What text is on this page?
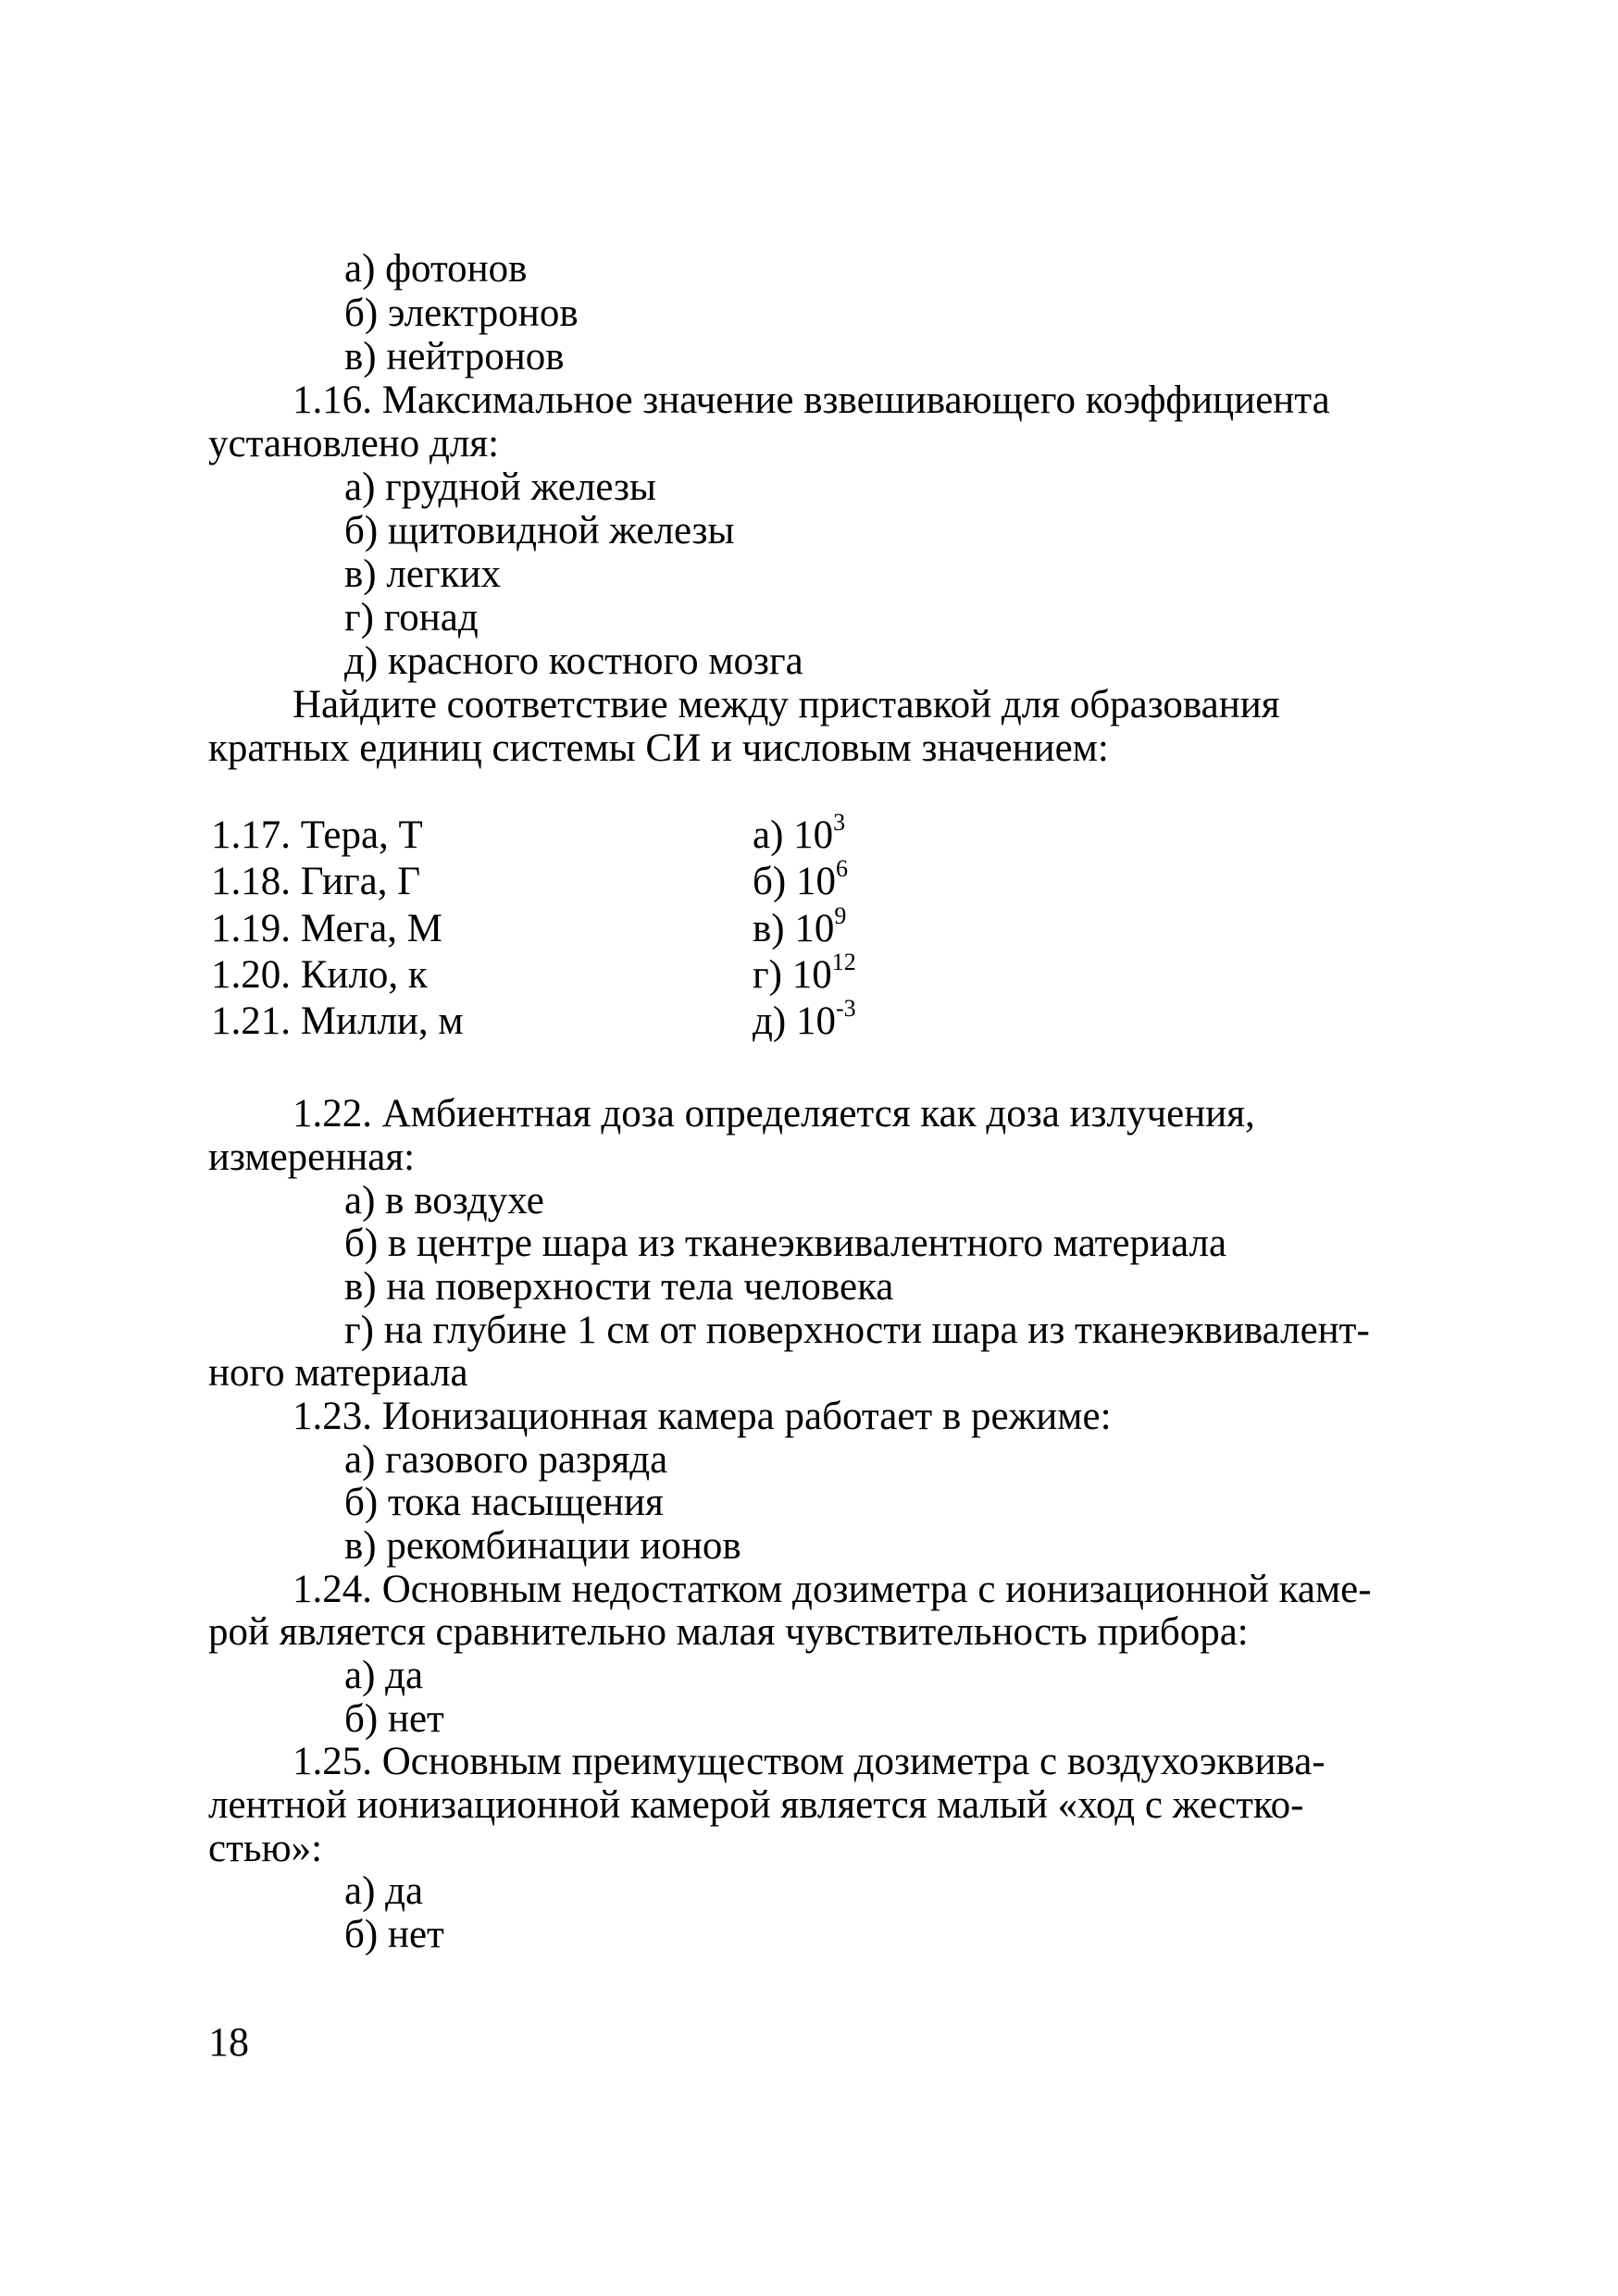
а) фотонов
б) электронов
в) нейтронов
1.16. Максимальное значение взвешивающего коэффициента
установлено для:
а) грудной железы
б) щитовидной железы
в) легких
г) гонад
д) красного костного мозга
Найдите соответствие между приставкой для образования
кратных единиц системы СИ и числовым значением:
1.17. Тера, Т
1.18. Гига, Г
1.19. Мега, М
1.20. Кило, к
1.21. Милли, м
а) $10^3$
б) $10^6$
в) $10^9$
г) $10^{12}$
д) $10^{-3}$
1.22. Амбиентная доза определяется как доза излучения,
измеренная:
а) в воздухе
б) в центре шара из тканеэквивалентного материала
в) на поверхности тела человека
г) на глубине 1 см от поверхности шара из тканеэквивалент-
ного материала
1.23. Ионизационная камера работает в режиме:
а) газового разряда
б) тока насыщения
в) рекомбинации ионов
1.24. Основным недостатком дозиметра с ионизационной каме-
рой является сравнительно малая чувствительность прибора:
а) да
б) нет
1.25. Основным преимуществом дозиметра с воздухоэквива-
лентной ионизационной камерой является малый «ход с жестко-
стью»:
а) да
б) нет
18
